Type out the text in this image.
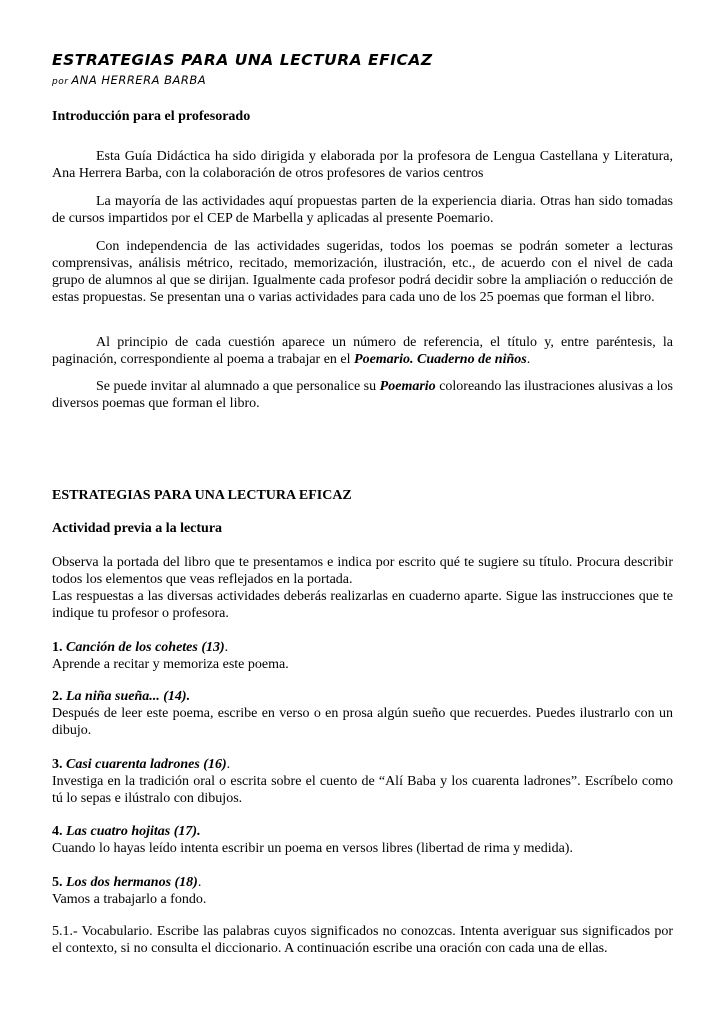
ESTRATEGIAS PARA UNA LECTURA EFICAZ
por ANA HERRERA BARBA

Introducción para el profesorado

Esta Guía Didáctica ha sido dirigida y elaborada por la profesora de Lengua Castellana y Literatura, Ana Herrera Barba, con la colaboración de otros profesores de varios centros

La mayoría de las actividades aquí propuestas parten de la experiencia diaria. Otras han sido tomadas de cursos impartidos por el CEP de Marbella y aplicadas al presente Poemario.

Con independencia de las actividades sugeridas, todos los poemas se podrán someter a lecturas comprensivas, análisis métrico, recitado, memorización, ilustración, etc., de acuerdo con el nivel de cada grupo de alumnos al que se dirijan. Igualmente cada profesor podrá decidir sobre la ampliación o reducción de estas propuestas. Se presentan una o varias actividades para cada uno de los 25 poemas que forman el libro.

Al principio de cada cuestión aparece un número de referencia, el título y, entre paréntesis, la paginación, correspondiente al poema a trabajar en el Poemario. Cuaderno de niños.

Se puede invitar al alumnado a que personalice su Poemario coloreando las ilustraciones alusivas a los diversos poemas que forman el libro.

ESTRATEGIAS PARA UNA LECTURA EFICAZ

Actividad previa a la lectura

Observa la portada del libro que te presentamos e indica por escrito qué te sugiere su título. Procura describir todos los elementos que veas reflejados en la portada.

Las respuestas a las diversas actividades deberás realizarlas en cuaderno aparte. Sigue las instrucciones que te indique tu profesor o profesora.

1. Canción de los cohetes (13).
Aprende a recitar y memoriza este poema.

2. La niña sueña... (14).
Después de leer este poema, escribe en verso o en prosa algún sueño que recuerdes. Puedes ilustrarlo con un dibujo.

3. Casi cuarenta ladrones (16).
Investiga en la tradición oral o escrita sobre el cuento de “Alí Baba y los cuarenta ladrones”. Escríbelo como tú lo sepas e ilústralo con dibujos.

4. Las cuatro hojitas (17).
Cuando lo hayas leído intenta escribir un poema en versos libres (libertad de rima y medida).

5. Los dos hermanos (18).
Vamos a trabajarlo a fondo.

5.1.- Vocabulario. Escribe las palabras cuyos significados no conozcas. Intenta averiguar sus significados por el contexto, si no consulta el diccionario. A continuación escribe una oración con cada una de ellas.
